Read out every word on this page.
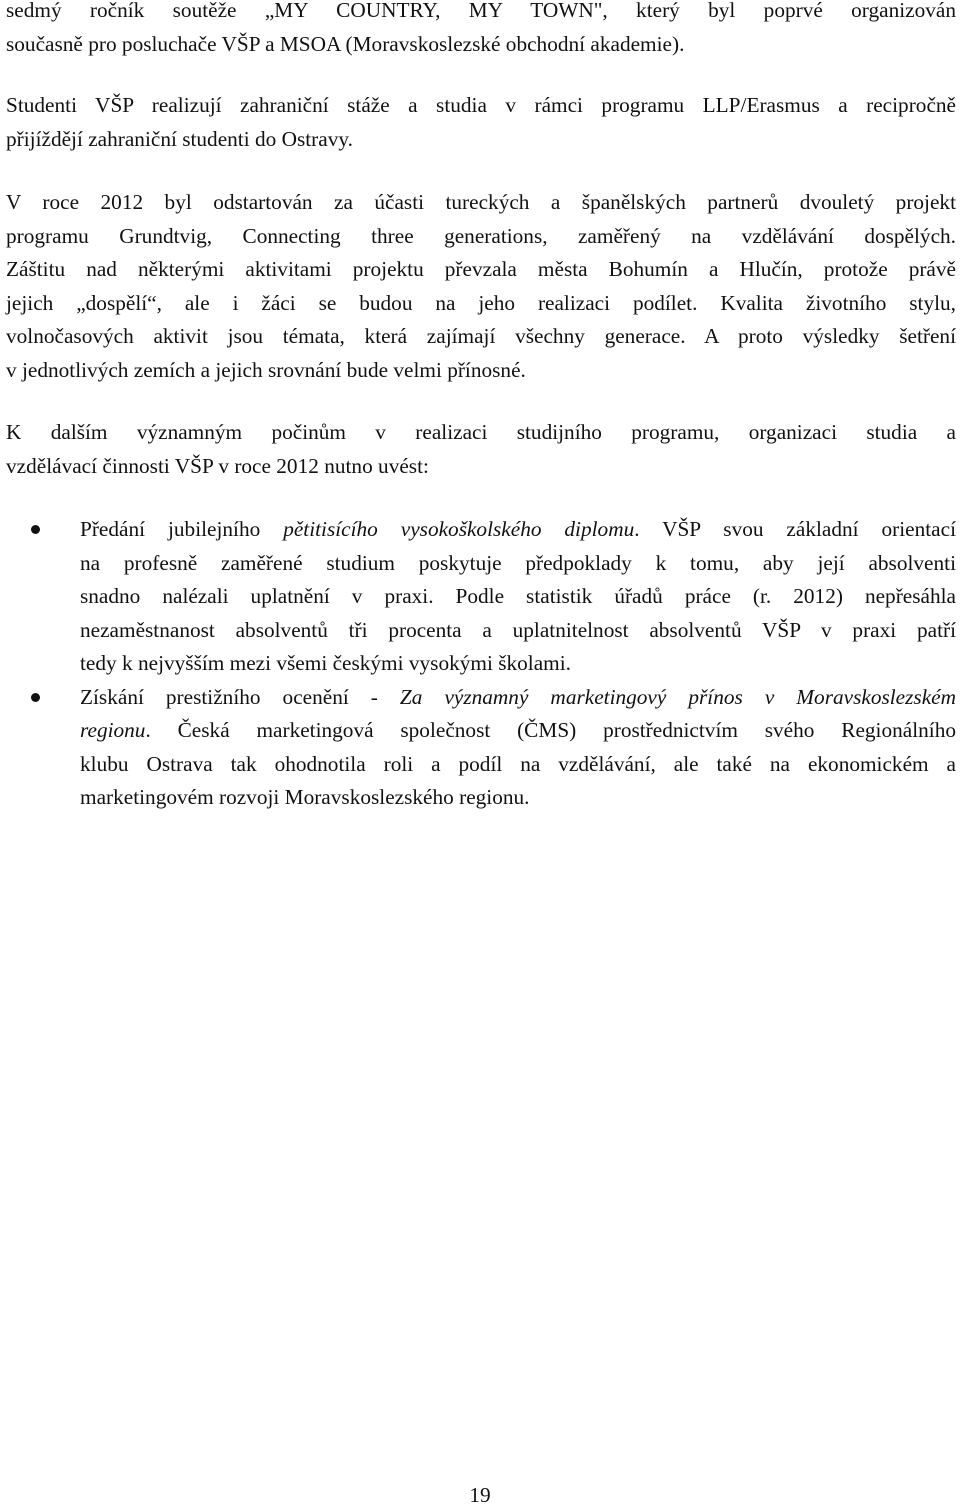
sedmý ročník soutěže „MY COUNTRY, MY TOWN", který byl poprvé organizován
současně pro posluchače VŠP a MSOA (Moravskoslezské obchodní akademie).
Studenti VŠP realizují zahraniční stáže a studia v rámci programu LLP/Erasmus a recipročně
přijíždějí zahraniční studenti do Ostravy.
V roce 2012 byl odstartován za účasti tureckých a španělských partnerů dvouletý projekt
programu Grundtvig, Connecting three generations, zaměřený na vzdělávání dospělých.
Záštitu nad některými aktivitami projektu převzala města Bohumín a Hlučín, protože právě
jejich „dospělí“, ale i žáci se budou na jeho realizaci podílet. Kvalita životního stylu,
volnočasových aktivit jsou témata, která zajímají všechny generace. A proto výsledky šetření
v jednotlivých zemích a jejich srovnání bude velmi přínosné.
K dalším významným počinům v realizaci studijního programu, organizaci studia a
vzdělávací činnosti VŠP v roce 2012 nutno uvést:
Předání jubilejního pětitisícího vysokoškolského diplomu. VŠP svou základní orientací
na profesně zaměřené studium poskytuje předpoklady k tomu, aby její absolventi
snadno nalézali uplatnění v praxi. Podle statistik úřadů práce (r. 2012) nepřesáhla
nezaměstnanost absolventů tři procenta a uplatnitelnost absolventů VŠP v praxi patří
tedy k nejvyšším mezi všemi českými vysokými školami.
Získání prestižního ocenění - Za významný marketingový přínos v Moravskoslezském
regionu. Česká marketingová společnost (ČMS) prostřednictvím svého Regionálního
klubu Ostrava tak ohodnotila roli a podíl na vzdělávání, ale také na ekonomickém a
marketingovém rozvoji Moravskoslezského regionu.
19
